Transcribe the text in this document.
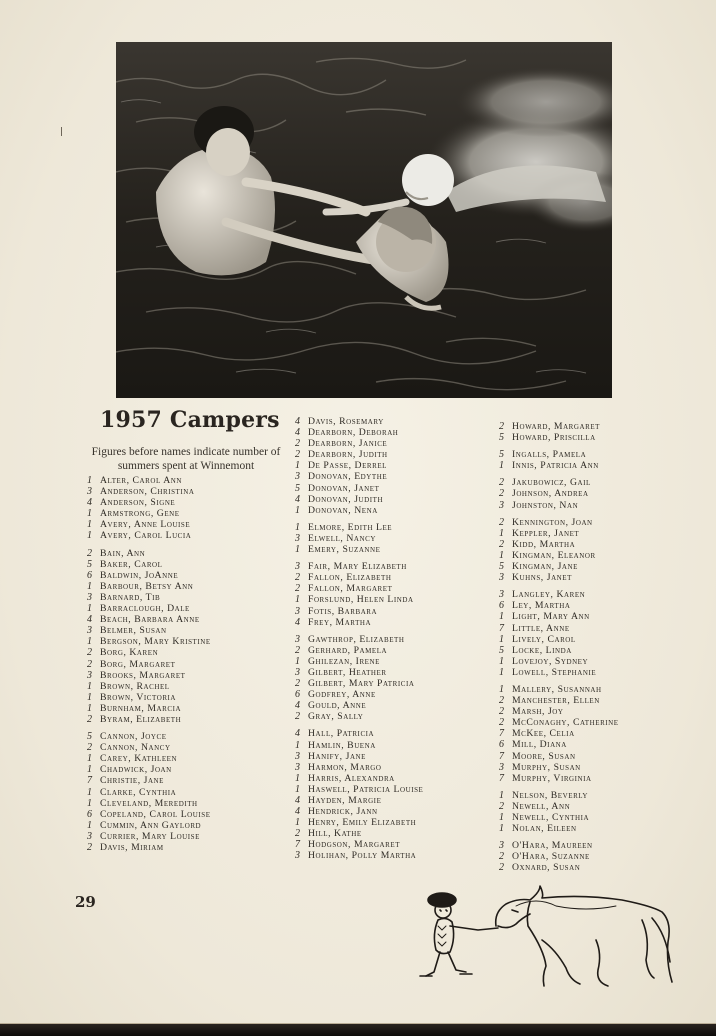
1957 Campers
Figures before names indicate number of summers spent at Winnemont
1 Alter, Carol Ann
3 Anderson, Christina
4 Anderson, Signe
1 Armstrong, Gene
1 Avery, Anne Louise
1 Avery, Carol Lucia
2 Bain, Ann
5 Baker, Carol
6 Baldwin, JoAnne
1 Barbour, Betsy Ann
3 Barnard, Tib
1 Barraclough, Dale
4 Beach, Barbara Anne
3 Belmer, Susan
1 Bergson, Mary Kristine
2 Borg, Karen
2 Borg, Margaret
3 Brooks, Margaret
1 Brown, Rachel
1 Brown, Victoria
1 Burnham, Marcia
2 Byram, Elizabeth
5 Cannon, Joyce
2 Cannon, Nancy
1 Carey, Kathleen
1 Chadwick, Joan
7 Christie, Jane
1 Clarke, Cynthia
1 Cleveland, Meredith
6 Copeland, Carol Louise
1 Cummin, Ann Gaylord
3 Currier, Mary Louise
2 Davis, Miriam
4 Davis, Rosemary
4 Dearborn, Deborah
2 Dearborn, Janice
2 Dearborn, Judith
1 De Passe, Derrel
3 Donovan, Edythe
5 Donovan, Janet
4 Donovan, Judith
1 Donovan, Nena
1 Elmore, Edith Lee
3 Elwell, Nancy
1 Emery, Suzanne
3 Fair, Mary Elizabeth
2 Fallon, Elizabeth
2 Fallon, Margaret
1 Forslund, Helen Linda
3 Fotis, Barbara
4 Frey, Martha
3 Gawthrop, Elizabeth
2 Gerhard, Pamela
1 Ghilezan, Irene
3 Gilbert, Heather
2 Gilbert, Mary Patricia
6 Godfrey, Anne
4 Gould, Anne
2 Gray, Sally
4 Hall, Patricia
1 Hamlin, Buena
3 Hanify, Jane
3 Harmon, Margo
1 Harris, Alexandra
1 Haswell, Patricia Louise
4 Hayden, Margie
4 Hendrick, Jann
1 Henry, Emily Elizabeth
2 Hill, Kathe
7 Hodgson, Margaret
3 Holihan, Polly Martha
2 Howard, Margaret
5 Howard, Priscilla
5 Ingalls, Pamela
1 Innis, Patricia Ann
2 Jakubowicz, Gail
2 Johnson, Andrea
3 Johnston, Nan
2 Kennington, Joan
1 Keppler, Janet
2 Kidd, Martha
1 Kingman, Eleanor
5 Kingman, Jane
3 Kuhns, Janet
3 Langley, Karen
6 Ley, Martha
1 Light, Mary Ann
7 Little, Anne
1 Lively, Carol
5 Locke, Linda
1 Lovejoy, Sydney
1 Lowell, Stephanie
1 Mallery, Susannah
2 Manchester, Ellen
2 Marsh, Joy
2 McConaghy, Catherine
7 McKee, Celia
6 Mill, Diana
7 Moore, Susan
3 Murphy, Susan
7 Murphy, Virginia
1 Nelson, Beverly
2 Newell, Ann
1 Newell, Cynthia
1 Nolan, Eileen
3 O'Hara, Maureen
2 O'Hara, Suzanne
2 Oxnard, Susan
29
